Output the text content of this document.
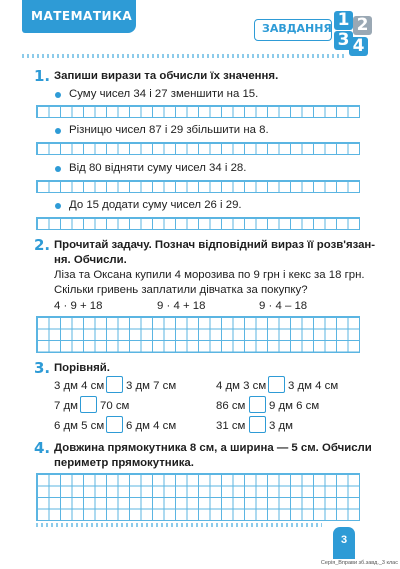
МАТЕМАТИКА
ЗАВДАННЯ 1 2
3 4
1. Запиши вирази та обчисли їх значення.
Суму чисел 34 і 27 зменшити на 15.
Різницю чисел 87 і 29 збільшити на 8.
Від 80 відняти суму чисел 34 і 28.
До 15 додати суму чисел 26 і 29.
2. Прочитай задачу. Познач відповідний вираз її розв'язан-
ня. Обчисли.
Ліза та Оксана купили 4 морозива по 9 грн і кекс за 18 грн.
Скільки гривень заплатили дівчатка за покупку?
4 · 9 + 18	9 · 4 + 18	9 · 4 – 18
3. Порівняй.
3 дм 4 см 3 дм 7 см	4 дм 3 см 3 дм 4 см
7 дм 70 см	86 см 9 дм 6 см
6 дм 5 см 6 дм 4 см	31 см 3 дм
4. Довжина прямокутника 8 см, а ширина — 5 см. Обчисли
периметр прямокутника.
3
Серія_Вправи зб.завд._3 клас
